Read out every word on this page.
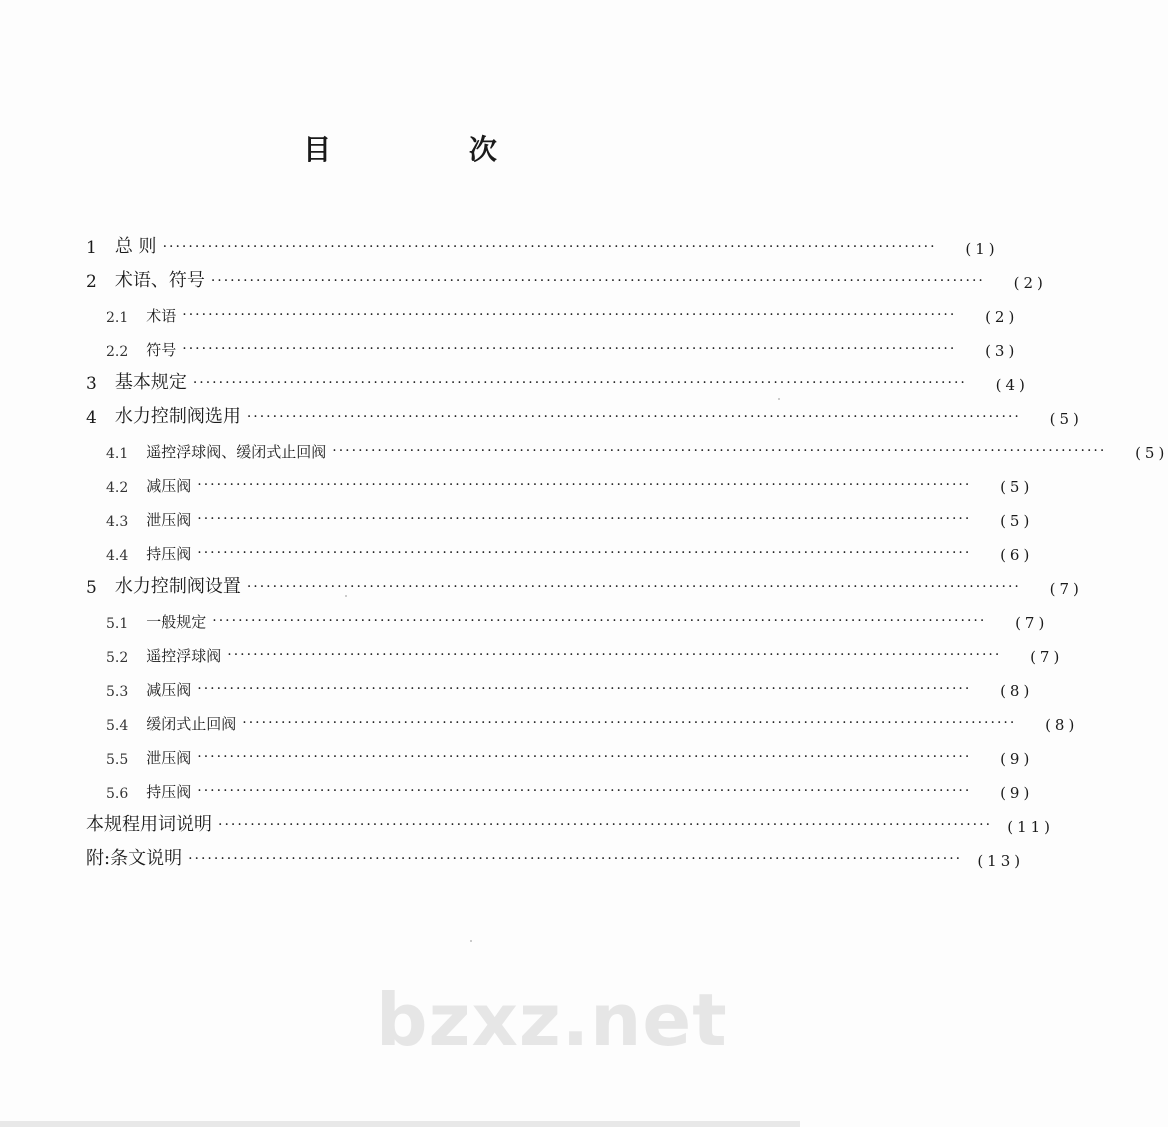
目 次
1 总 则 ························································································································	(1)
2 术语、符号 ························································································································	(2)
2.1 术语 ························································································································	(2)
2.2 符号 ························································································································	(3)
3 基本规定 ························································································································	(4)
4 水力控制阀选用 ························································································································	(5)
4.1 遥控浮球阀、缓闭式止回阀 ························································································································	(5)
4.2 减压阀 ························································································································	(5)
4.3 泄压阀 ························································································································	(5)
4.4 持压阀 ························································································································	(6)
5 水力控制阀设置 ························································································································	(7)
5.1 一般规定 ························································································································	(7)
5.2 遥控浮球阀 ························································································································	(7)
5.3 减压阀 ························································································································	(8)
5.4 缓闭式止回阀 ························································································································	(8)
5.5 泄压阀 ························································································································	(9)
5.6 持压阀 ························································································································	(9)
本规程用词说明 ························································································································	(11)
附:条文说明 ························································································································	(13)
bzxz.net
